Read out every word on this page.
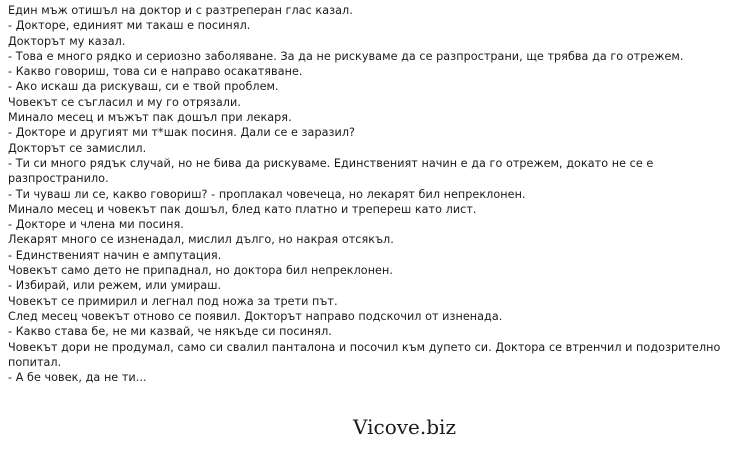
Един мъж отишъл на доктор и с разтреперан глас казал.
- Докторе, единият ми такаш е посинял.
Докторът му казал.
- Това е много рядко и сериозно заболяване. За да не рискуваме да се разпространи, ще трябва да го отрежем.
- Какво говориш, това си е направо осакатяване.
- Ако искаш да рискуваш, си е твой проблем.
Човекът се съгласил и му го отрязали.
Минало месец и мъжът пак дошъл при лекаря.
- Докторе и другият ми т*шак посиня. Дали се е заразил?
Докторът се замислил.
- Ти си много рядък случай, но не бива да рискуваме. Единственият начин е да го отрежем, докато не се е разпространило.
- Ти чуваш ли се, какво говориш? - проплакал човечеца, но лекарят бил непреклонен.
Минало месец и човекът пак дошъл, блед като платно и трепереш като лист.
- Докторе и члена ми посиня.
Лекарят много се изненадал, мислил дълго, но накрая отсякъл.
- Единственият начин е ампутация.
Човекът само дето не припаднал, но доктора бил непреклонен.
- Избирай, или режем, или умираш.
Човекът се примирил и легнал под ножа за трети път.
След месец човекът отново се появил. Докторът направо подскочил от изненада.
- Какво става бе, не ми казвай, че някъде си посинял.
Човекът дори не продумал, само си свалил панталона и посочил към дупето си. Доктора се втренчил и подозрително попитал.
- А бе човек, да не ти...
Vicove.biz
